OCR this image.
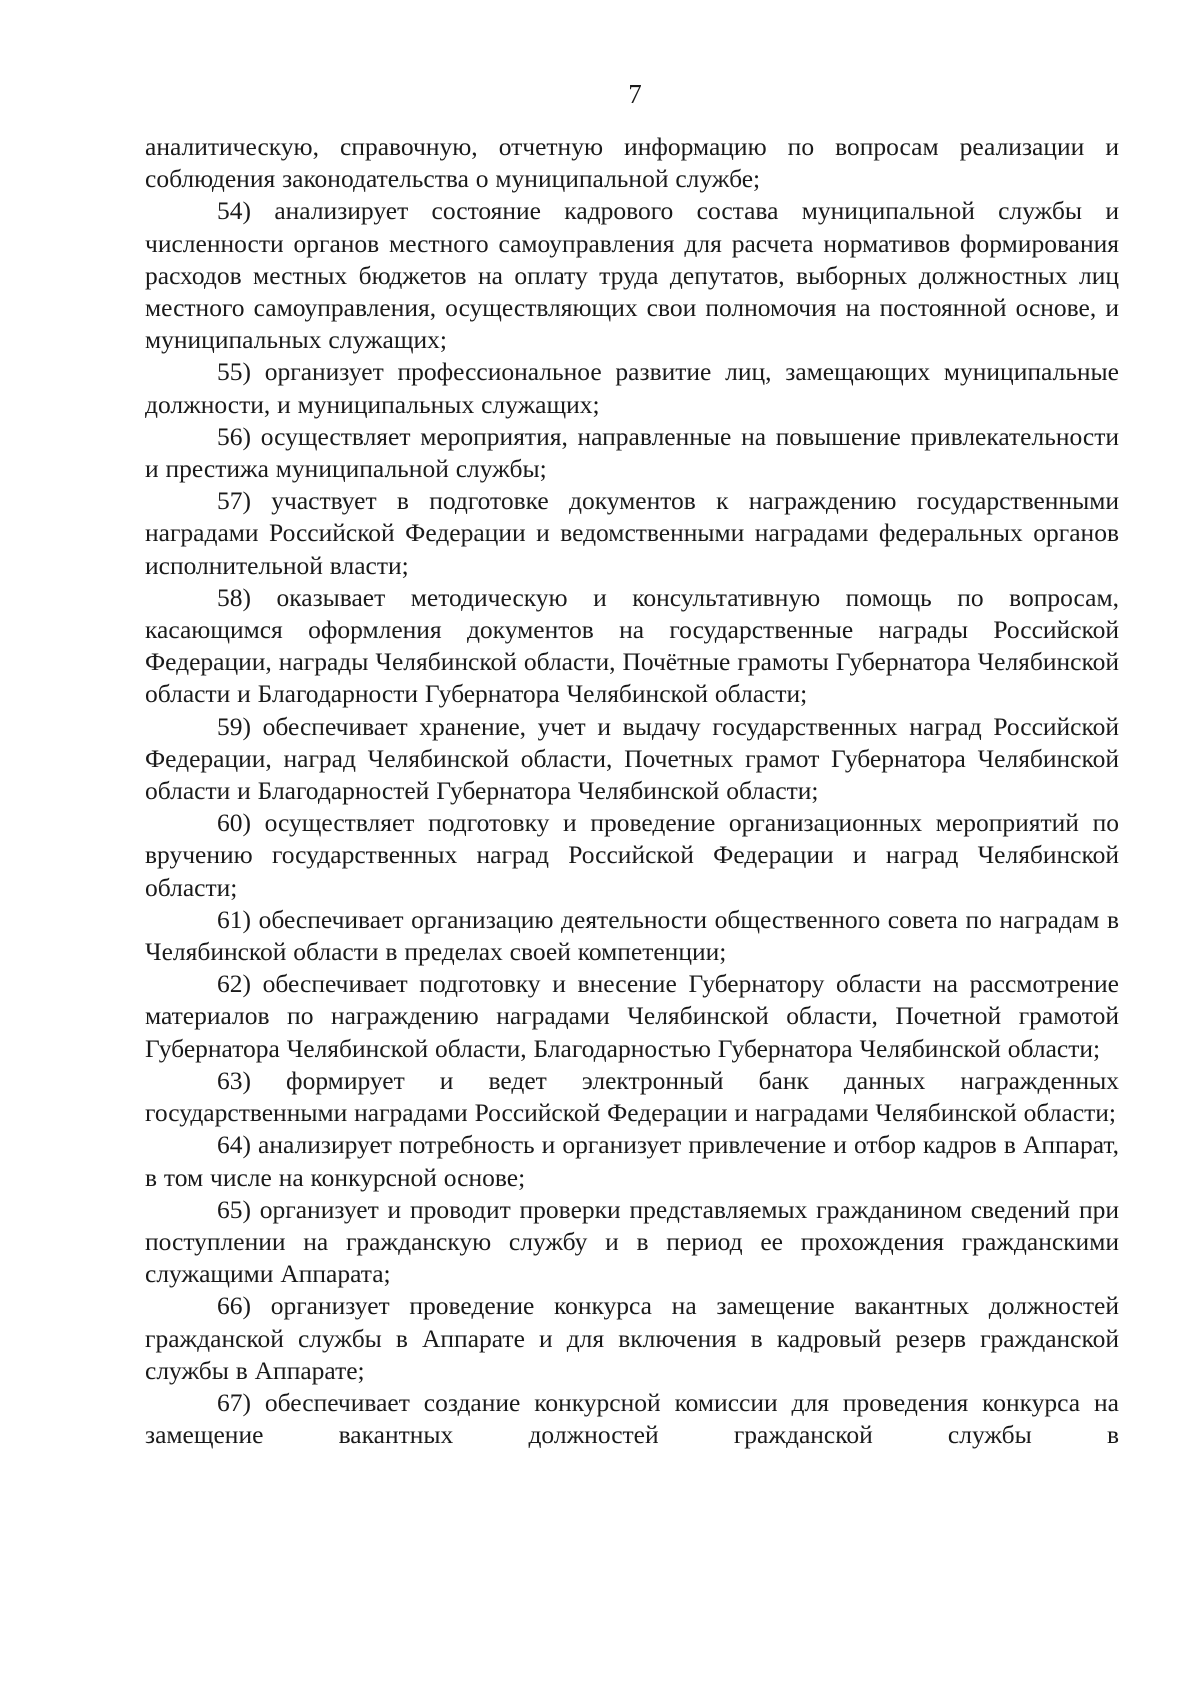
7

аналитическую, справочную, отчетную информацию по вопросам реализации и соблюдения законодательства о муниципальной службе;

54) анализирует состояние кадрового состава муниципальной службы и численности органов местного самоуправления для расчета нормативов формирования расходов местных бюджетов на оплату труда депутатов, выборных должностных лиц местного самоуправления, осуществляющих свои полномочия на постоянной основе, и муниципальных служащих;

55) организует профессиональное развитие лиц, замещающих муниципальные должности, и муниципальных служащих;

56) осуществляет мероприятия, направленные на повышение привлекательности и престижа муниципальной службы;

57) участвует в подготовке документов к награждению государственными наградами Российской Федерации и ведомственными наградами федеральных органов исполнительной власти;

58) оказывает методическую и консультативную помощь по вопросам, касающимся оформления документов на государственные награды Российской Федерации, награды Челябинской области, Почётные грамоты Губернатора Челябинской области и Благодарности Губернатора Челябинской области;

59) обеспечивает хранение, учет и выдачу государственных наград Российской Федерации, наград Челябинской области, Почетных грамот Губернатора Челябинской области и Благодарностей Губернатора Челябинской области;

60) осуществляет подготовку и проведение организационных мероприятий по вручению государственных наград Российской Федерации и наград Челябинской области;

61) обеспечивает организацию деятельности общественного совета по наградам в Челябинской области в пределах своей компетенции;

62) обеспечивает подготовку и внесение Губернатору области на рассмотрение материалов по награждению наградами Челябинской области, Почетной грамотой Губернатора Челябинской области, Благодарностью Губернатора Челябинской области;

63) формирует и ведет электронный банк данных награжденных государственными наградами Российской Федерации и наградами Челябинской области;

64) анализирует потребность и организует привлечение и отбор кадров в Аппарат, в том числе на конкурсной основе;

65) организует и проводит проверки представляемых гражданином сведений при поступлении на гражданскую службу и в период ее прохождения гражданскими служащими Аппарата;

66) организует проведение конкурса на замещение вакантных должностей гражданской службы в Аппарате и для включения в кадровый резерв гражданской службы в Аппарате;

67) обеспечивает создание конкурсной комиссии для проведения конкурса на замещение вакантных должностей гражданской службы в
